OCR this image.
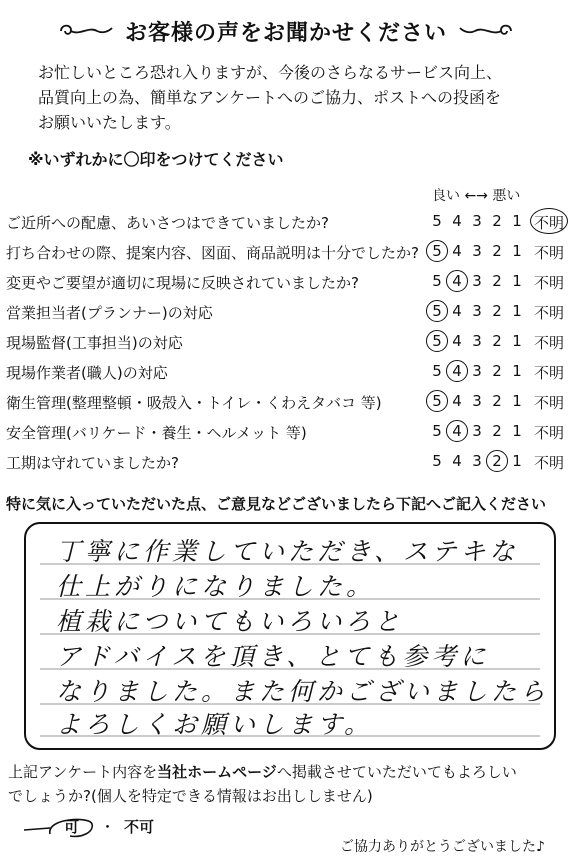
お客様の声をお聞かせください
お忙しいところ恐れ入りますが、今後のさらなるサービス向上、
品質向上の為、簡単なアンケートへのご協力、ポストへの投函を
お願いいたします。
※いずれかに〇印をつけてください
良い ←→ 悪い
ご近所への配慮、あいさつはできていましたか?	5 4 3 2 1 不明
打ち合わせの際、提案内容、図面、商品説明は十分でしたか? 5 4 3 2 1 不明
変更やご要望が適切に現場に反映されていましたか?	5 4 3 2 1 不明
営業担当者(プランナー)の対応	5 4 3 2 1 不明
現場監督(工事担当)の対応	5 4 3 2 1 不明
現場作業者(職人)の対応	5 4 3 2 1 不明
衛生管理(整理整頓・吸殻入・トイレ・くわえタバコ 等)	5 4 3 2 1 不明
安全管理(バリケード・養生・ヘルメット 等)	5 4 3 2 1 不明
工期は守れていましたか?	5 4 3 2 1 不明
特に気に入っていただいた点、ご意見などございましたら下記へご記入ください
丁寧に作業していただき、ステキな
仕上がりになりました。
植栽についてもいろいろと
アドバイスを頂き、とても参考に
なりました。また何かございましたら
よろしくお願いします。
上記アンケート内容を当社ホームページへ掲載させていただいてもよろしい
でしょうか?(個人を特定できる情報はお出ししません)
可 ・ 不可
ご協力ありがとうございました♪
